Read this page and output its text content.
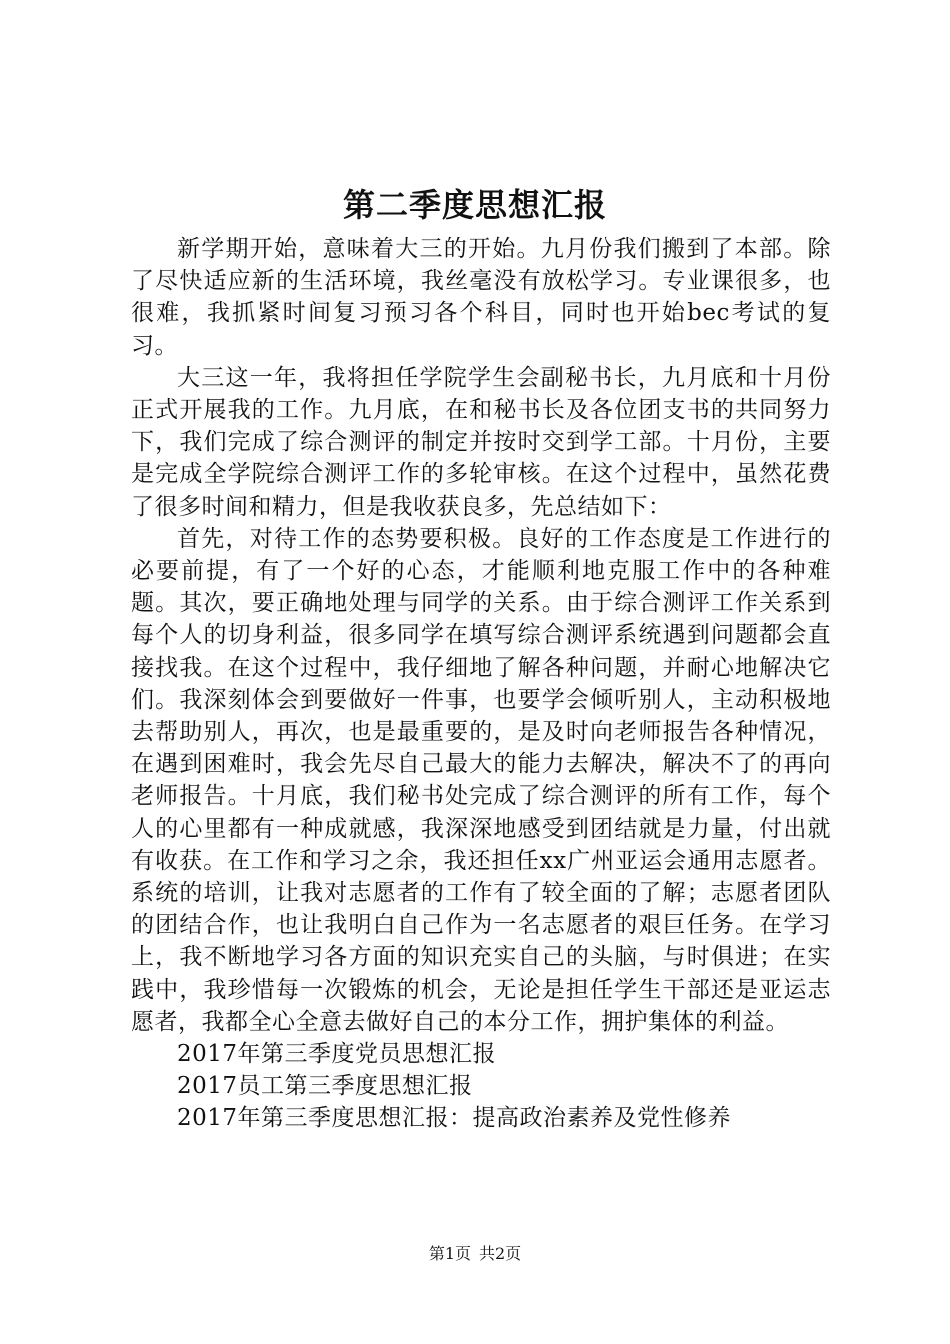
第二季度思想汇报

新学期开始，意味着大三的开始。九月份我们搬到了本部。除了尽快适应新的生活环境，我丝毫没有放松学习。专业课很多，也很难，我抓紧时间复习预习各个科目，同时也开始bec考试的复习。

大三这一年，我将担任学院学生会副秘书长，九月底和十月份正式开展我的工作。九月底，在和秘书长及各位团支书的共同努力下，我们完成了综合测评的制定并按时交到学工部。十月份，主要是完成全学院综合测评工作的多轮审核。在这个过程中，虽然花费了很多时间和精力，但是我收获良多，先总结如下：

首先，对待工作的态势要积极。良好的工作态度是工作进行的必要前提，有了一个好的心态，才能顺利地克服工作中的各种难题。其次，要正确地处理与同学的关系。由于综合测评工作关系到每个人的切身利益，很多同学在填写综合测评系统遇到问题都会直接找我。在这个过程中，我仔细地了解各种问题，并耐心地解决它们。我深刻体会到要做好一件事，也要学会倾听别人，主动积极地去帮助别人，再次，也是最重要的，是及时向老师报告各种情况，在遇到困难时，我会先尽自己最大的能力去解决，解决不了的再向老师报告。十月底，我们秘书处完成了综合测评的所有工作，每个人的心里都有一种成就感，我深深地感受到团结就是力量，付出就有收获。在工作和学习之余，我还担任xx广州亚运会通用志愿者。系统的培训，让我对志愿者的工作有了较全面的了解；志愿者团队的团结合作，也让我明白自己作为一名志愿者的艰巨任务。在学习上，我不断地学习各方面的知识充实自己的头脑，与时俱进；在实践中，我珍惜每一次锻炼的机会，无论是担任学生干部还是亚运志愿者，我都全心全意去做好自己的本分工作，拥护集体的利益。

2017年第三季度党员思想汇报
2017员工第三季度思想汇报
2017年第三季度思想汇报：提高政治素养及党性修养
第1页 共2页
